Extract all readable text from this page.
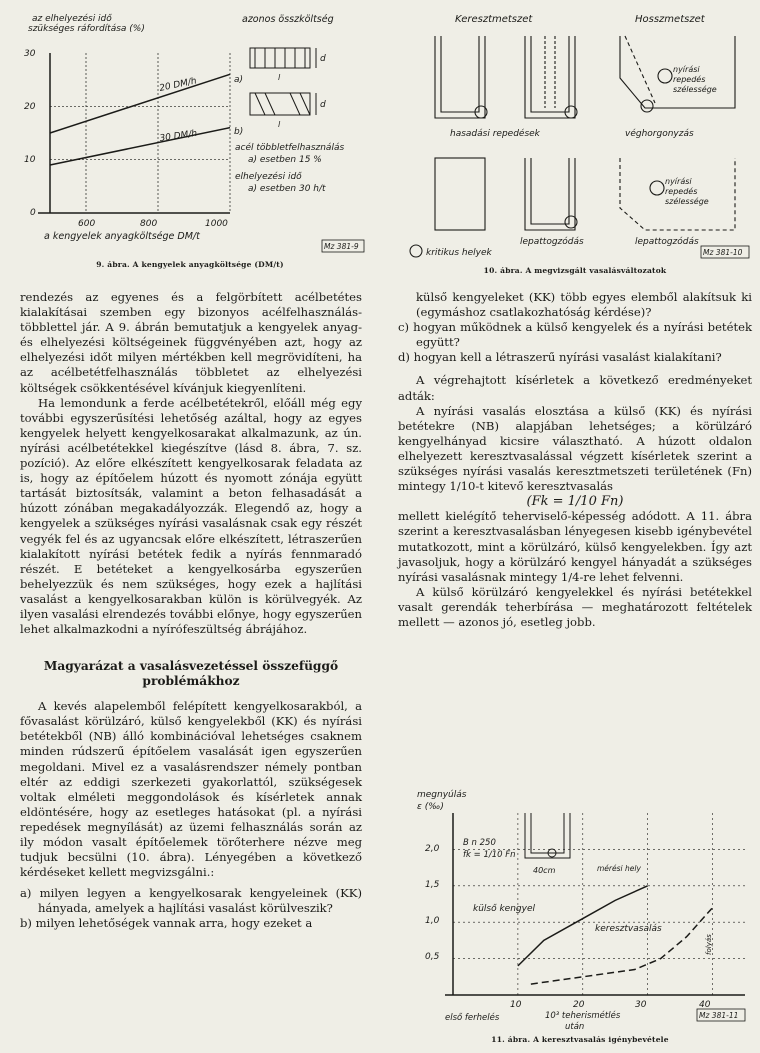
az elhelyezési idő
szükséges ráfordítása (%)
30
20
10
0
600	800	1000
a kengyelek anyagköltsége DM/t
20 DM/h
30 DM/h
a)
b)
azonos összköltség
d
l
d
l
acél többletfelhasználás
a) esetben 15 %
elhelyezési idő
a) esetben 30 h/t
Mz 381-9
9. ábra. A kengyelek anyagköltsége (DM/t)
Keresztmetszet	Hosszmetszet
nyírási
repedés
szélessége
hasadási repedések	véghorgonyzás
nyírási
repedés
szélessége
lepattogzódás	lepattogzódás
kritikus helyek	Mz 381-10
10. ábra. A megvizsgált vasalásváltozatok

rendezés az egyenes és a felgörbített acélbetétes kialakításai szemben egy bizonyos acélfelhasználás-többlettel jár. A 9. ábrán bemutatjuk a kengyelek anyag- és elhelyezési költségeinek függvényében azt, hogy az elhelyezési időt milyen mértékben kell megrövidíteni, ha az acélbetétfelhasználás többletet az elhelyezési költségek csökkentésével kívánjuk kiegyenlíteni.

Ha lemondunk a ferde acélbetétekről, előáll még egy további egyszerűsítési lehetőség azáltal, hogy az egyes kengyelek helyett kengyelkosarakat alkalmazunk, az ún. nyírási acélbetétekkel kiegészítve (lásd 8. ábra, 7. sz. pozíció). Az előre elkészített kengyelkosarak feladata az is, hogy az építőelem húzott és nyomott zónája együtt tartását biztosítsák, valamint a beton felhasadását a húzott zónában megakadályozzák. Elegendő az, hogy a kengyelek a szükséges nyírási vasalásnak csak egy részét vegyék fel és az ugyancsak előre elkészített, létraszerűen kialakított nyírási betétek fedik a nyírás fennmaradó részét. E betéteket a kengyelkosárba egyszerűen behelyezzük és nem szükséges, hogy ezek a hajlítási vasalást a kengyelkosarakban külön is körülvegyék. Az ilyen vasalási elrendezés további előnye, hogy egyszerűen lehet alkalmazkodni a nyírófeszültség ábrájához.

Magyarázat a vasalásvezetéssel összefüggő

problémákhoz

A kevés alapelemből felépített kengyelkosarakból, a fővasalást körülzáró, külső kengyelekből (KK) és nyírási betétekből (NB) álló kombinációval lehetséges csaknem minden rúdszerű építőelem vasalását igen egyszerűen megoldani. Mivel ez a vasalásrendszer némely pontban eltér az eddigi szerkezeti gyakorlattól, szükségesek voltak elméleti meggondolások és kísérletek annak eldöntésére, hogy az esetleges hatásokat (pl. a nyírási repedések megnyílását) az üzemi felhasználás során az ily módon vasalt építőelemek törőterhere nézve meg tudjuk becsülni (10. ábra). Lényegében a következő kérdéseket kellett megvizsgálni.:

a) milyen legyen a kengyelkosarak kengyeleinek (KK) hányada, amelyek a hajlítási vasalást körülveszik?

b) milyen lehetőségek vannak arra, hogy ezeket a

külső kengyeleket (KK) több egyes elemből alakítsuk ki (egymáshoz csatlakozhatóság kérdése)?

c) hogyan működnek a külső kengyelek és a nyírási betétek együtt?

d) hogyan kell a létraszerű nyírási vasalást kialakítani?

A végrehajtott kísérletek a következő eredményeket adták:

A nyírási vasalás elosztása a külső (KK) és nyírási betétekre (NB) alapjában lehetséges; a körülzáró kengyelhányad kicsire választható. A húzott oldalon elhelyezett keresztvasalással végzett kísérletek szerint a szükséges nyírási vasalás keresztmetszeti területének (Fn) mintegy 1/10-t kitevő keresztvasalás

(Fk = 1/10 Fn)

mellett kielégítő teherviselő-képesség adódott. A 11. ábra szerint a keresztvasalásban lényegesen kisebb igénybevétel mutatkozott, mint a körülzáró, külső kengyelekben. Így azt javasoljuk, hogy a körülzáró kengyel hányadát a szükséges nyírási vasalásnak mintegy 1/4-re lehet felvenni.

A külső körülzáró kengyelekkel és nyírási betétekkel vasalt gerendák teherbírása — meghatározott feltételek mellett — azonos jó, esetleg jobb.

megnyúlás
ε (‰)
2,0
1,5
1,0
0,5
10	20	30	40
B n 250
fk = 1/10 Fn
40cm	mérési hely
külső kengyel
keresztvasalás
folyás
első ferhelés	10³ teherismétlés
után
Mz 381-11
11. ábra. A keresztvasalás igénybevétele
